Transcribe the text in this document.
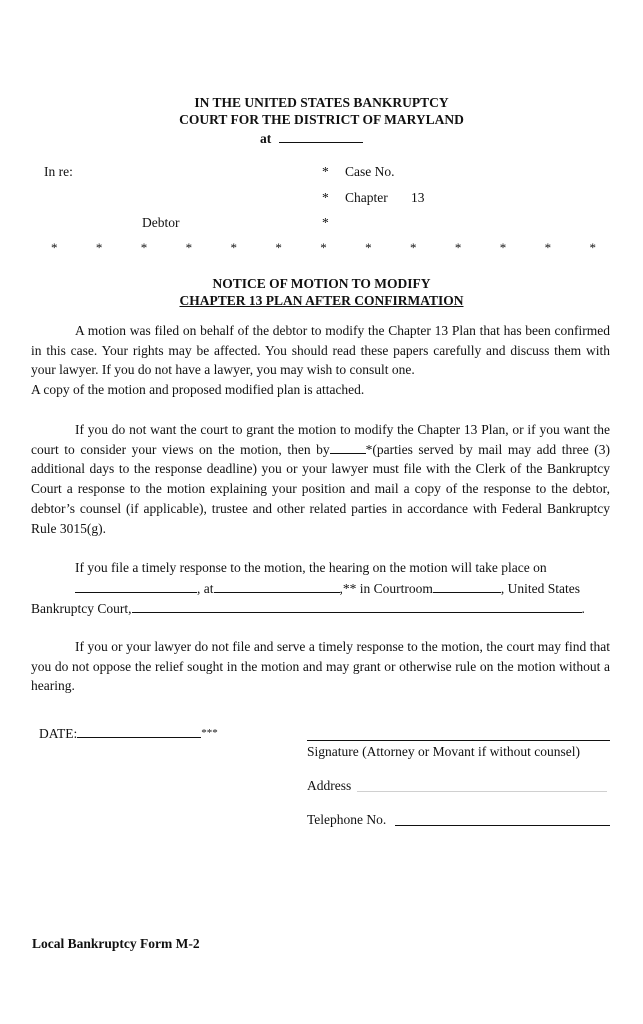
IN THE UNITED STATES BANKRUPTCY
COURT FOR THE DISTRICT OF MARYLAND
at
In re:	* Case No.
* Chapter 13
Debtor	*
*	*	*	*	*	*	*	*	*	*	*	*	*
NOTICE OF MOTION TO MODIFY
CHAPTER 13 PLAN AFTER CONFIRMATION

A motion was filed on behalf of the debtor to modify the Chapter 13 Plan that has been confirmed in this case. Your rights may be affected. You should read these papers carefully and discuss them with your lawyer. If you do not have a lawyer, you may wish to consult one.

A copy of the motion and proposed modified plan is attached.

If you do not want the court to grant the motion to modify the Chapter 13 Plan, or if you want the court to consider your views on the motion, then by	*(parties served by mail may add three (3) additional days to the response deadline) you or your lawyer must file with the Clerk of the Bankruptcy Court a response to the motion explaining your position and mail a copy of the response to the debtor, debtor’s counsel (if applicable), trustee and other related parties in accordance with Federal Bankruptcy Rule 3015(g).

If you file a timely response to the motion, the hearing on the motion will take place on

, at	,** in Courtroom	, United States
Bankruptcy Court,	.

If you or your lawyer do not file and serve a timely response to the motion, the court may find that you do not oppose the relief sought in the motion and may grant or otherwise rule on the motion without a hearing.

DATE:	***
Signature (Attorney or Movant if without counsel)
Address
Telephone No.
Local Bankruptcy Form M-2
